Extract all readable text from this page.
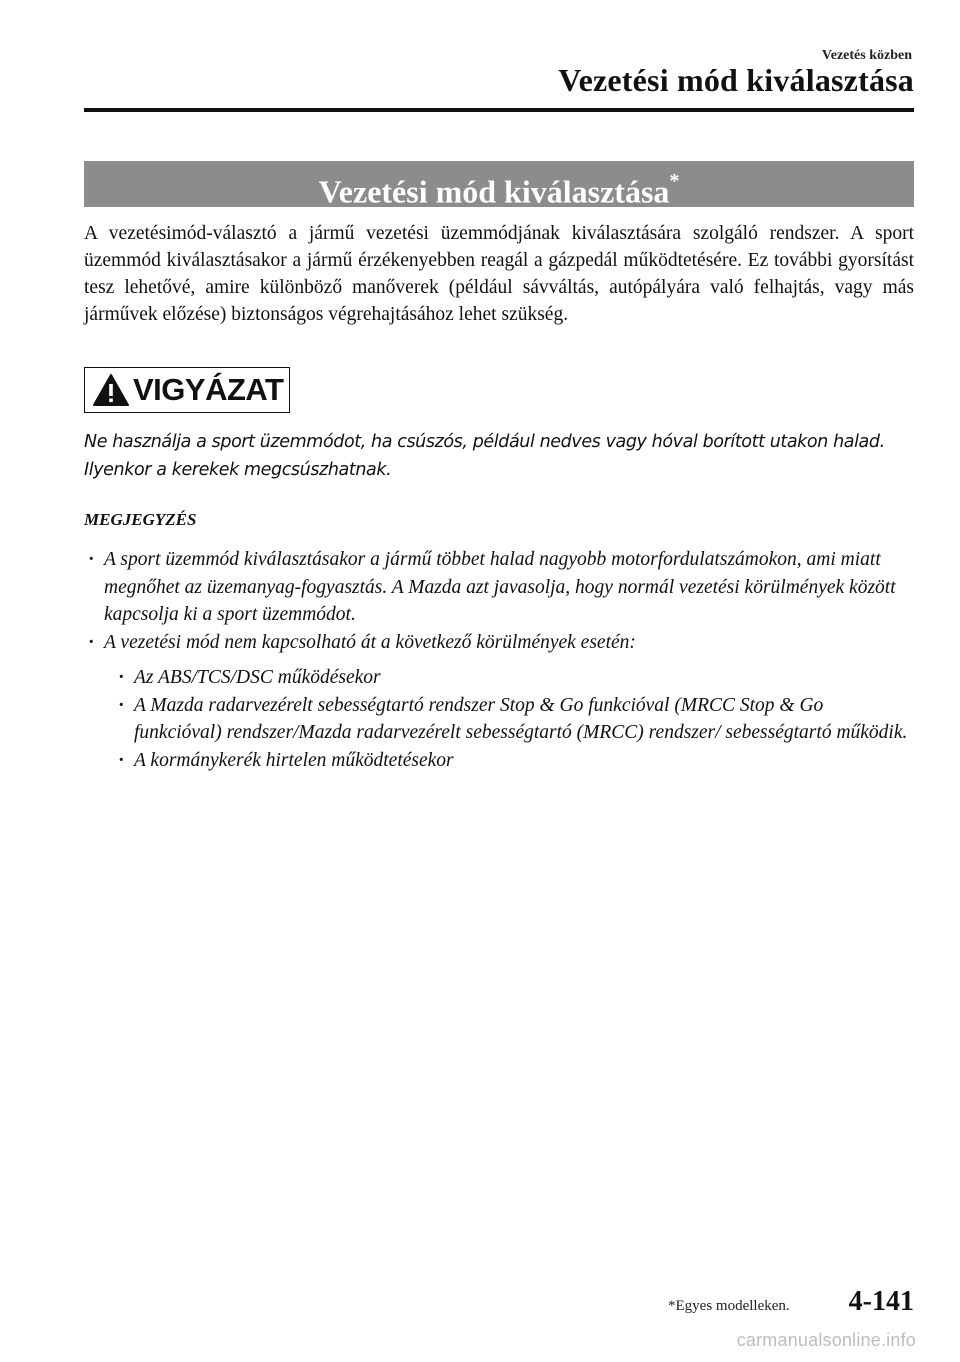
Vezetés közben
Vezetési mód kiválasztása
Vezetési mód kiválasztása*

A vezetésimód-választó a jármű vezetési üzemmódjának kiválasztására szolgáló rendszer. A sport üzemmód kiválasztásakor a jármű érzékenyebben reagál a gázpedál működtetésére. Ez további gyorsítást tesz lehetővé, amire különböző manőverek (például sávváltás, autópályára való felhajtás, vagy más járművek előzése) biztonságos végrehajtásához lehet szükség.

VIGYÁZAT

Ne használja a sport üzemmódot, ha csúszós, például nedves vagy hóval borított utakon halad. Ilyenkor a kerekek megcsúszhatnak.

MEGJEGYZÉS
· A sport üzemmód kiválasztásakor a jármű többet halad nagyobb motorfordulatszámokon, ami miatt megnőhet az üzemanyag-fogyasztás. A Mazda azt javasolja, hogy normál vezetési körülmények között kapcsolja ki a sport üzemmódot.
· A vezetési mód nem kapcsolható át a következő körülmények esetén:
· Az ABS/TCS/DSC működésekor
· A Mazda radarvezérelt sebességtartó rendszer Stop & Go funkcióval (MRCC Stop & Go funkcióval) rendszer/Mazda radarvezérelt sebességtartó (MRCC) rendszer/ sebességtartó működik.
· A kormánykerék hirtelen működtetésekor
*Egyes modelleken. 4-141
carmanualsonline.info
